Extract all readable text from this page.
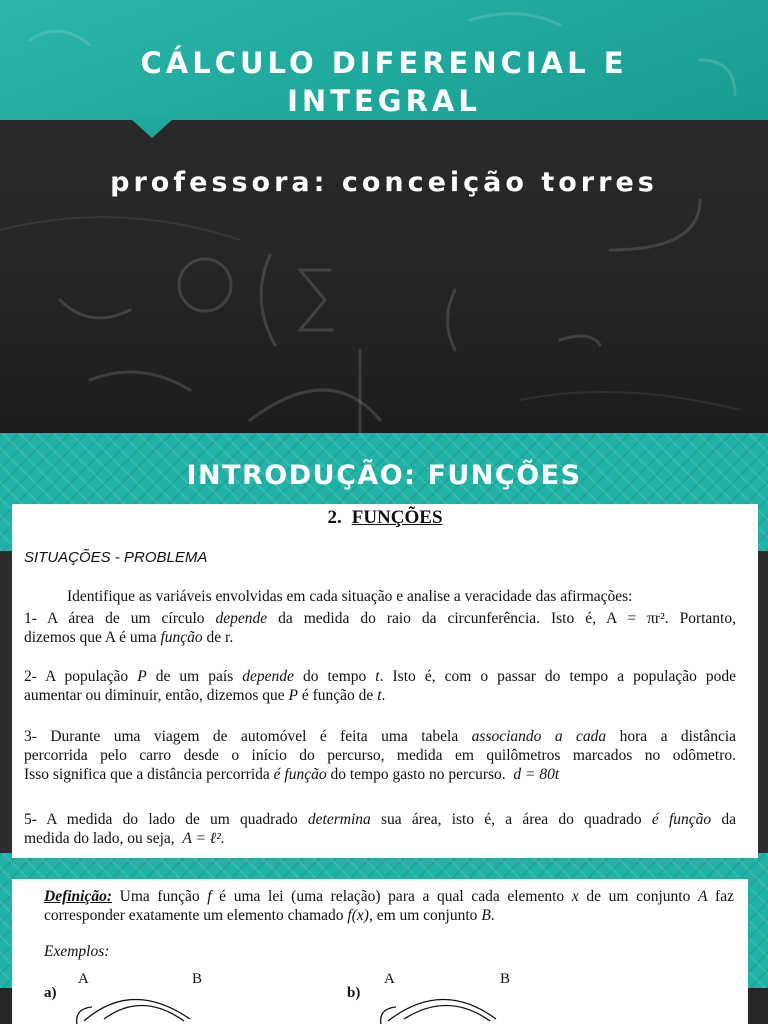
CÁLCULO DIFERENCIAL E INTEGRAL
professora: conceição torres
INTRODUÇÃO: FUNÇÕES
2. FUNÇÕES
SITUAÇÕES - PROBLEMA
Identifique as variáveis envolvidas em cada situação e analise a veracidade das afirmações:
1- A área de um círculo depende da medida do raio da circunferência. Isto é, A = πr². Portanto,
dizemos que A é uma função de r.
2- A população P de um país depende do tempo t. Isto é, com o passar do tempo a população pode
aumentar ou diminuir, então, dizemos que P é função de t.
3- Durante uma viagem de automóvel é feita uma tabela associando a cada hora a distância
percorrida pelo carro desde o início do percurso, medida em quilômetros marcados no odômetro.
Isso significa que a distância percorrida é função do tempo gasto no percurso. d = 80t
5- A medida do lado de um quadrado determina sua área, isto é, a área do quadrado é função da
medida do lado, ou seja,  A = ℓ².
Definição: Uma função f é uma lei (uma relação) para a qual cada elemento x de um conjunto A faz
corresponder exatamente um elemento chamado f(x), em um conjunto B.
Exemplos:
a)
A	B
b)
A	B
